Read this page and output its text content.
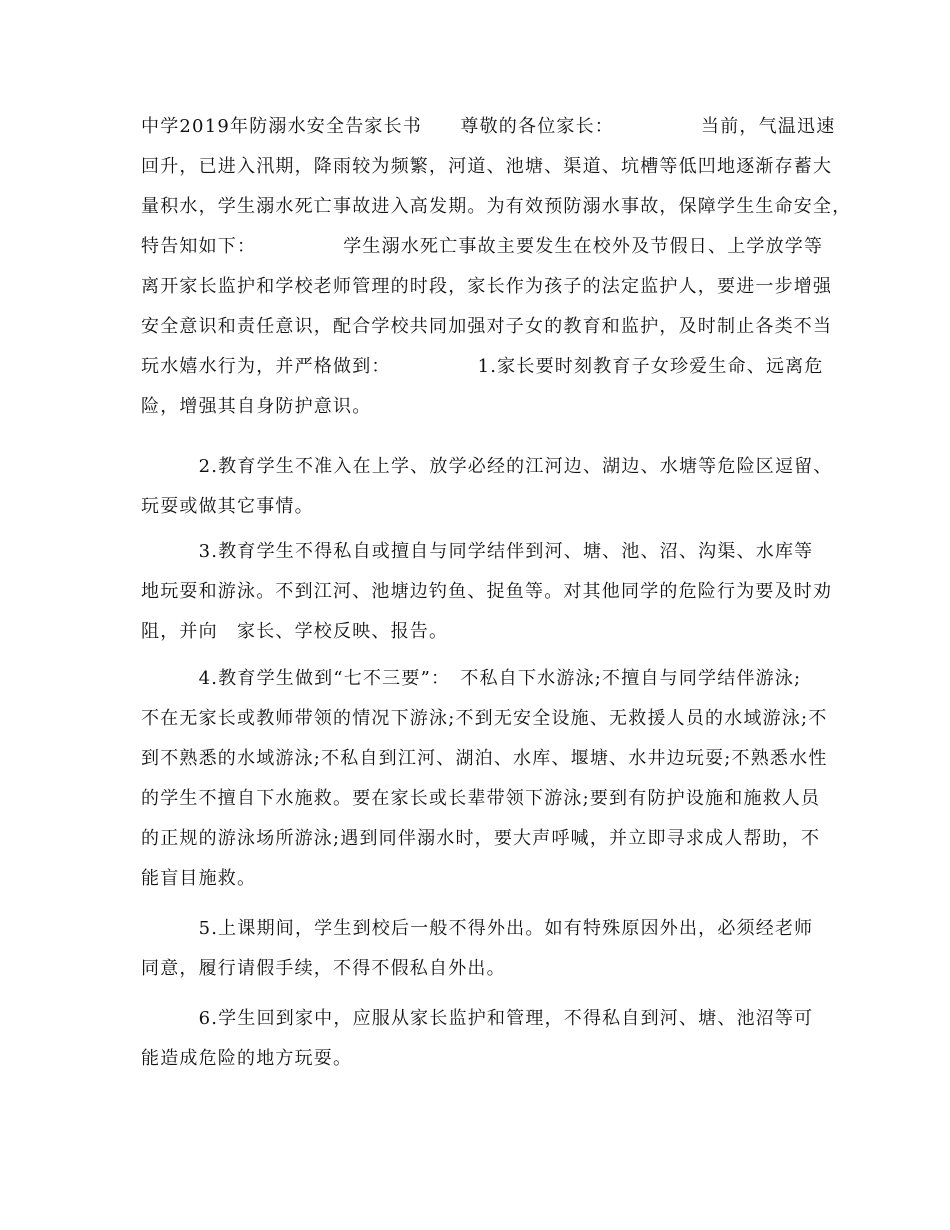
中学2019年防溺水安全告家长书　　尊敬的各位家长：　　　　　当前，气温迅速
回升，已进入汛期，降雨较为频繁，河道、池塘、渠道、坑槽等低凹地逐渐存蓄大
量积水，学生溺水死亡事故进入高发期。为有效预防溺水事故，保障学生生命安全，
特告知如下：　　　　　学生溺水死亡事故主要发生在校外及节假日、上学放学等
离开家长监护和学校老师管理的时段，家长作为孩子的法定监护人，要进一步增强
安全意识和责任意识，配合学校共同加强对子女的教育和监护，及时制止各类不当
玩水嬉水行为，并严格做到：　　　　　1.家长要时刻教育子女珍爱生命、远离危
险，增强其自身防护意识。
　　　2.教育学生不准入在上学、放学必经的江河边、湖边、水塘等危险区逗留、
玩耍或做其它事情。
　　　3.教育学生不得私自或擅自与同学结伴到河、塘、池、沼、沟渠、水库等
地玩耍和游泳。不到江河、池塘边钓鱼、捉鱼等。对其他同学的危险行为要及时劝
阻，并向　家长、学校反映、报告。
　　　4.教育学生做到“七不三要”：　不私自下水游泳;不擅自与同学结伴游泳;
不在无家长或教师带领的情况下游泳;不到无安全设施、无救援人员的水域游泳;不
到不熟悉的水域游泳;不私自到江河、湖泊、水库、堰塘、水井边玩耍;不熟悉水性
的学生不擅自下水施救。要在家长或长辈带领下游泳;要到有防护设施和施救人员
的正规的游泳场所游泳;遇到同伴溺水时，要大声呼喊，并立即寻求成人帮助，不
能盲目施救。
　　　5.上课期间，学生到校后一般不得外出。如有特殊原因外出，必须经老师
同意，履行请假手续，不得不假私自外出。
　　　6.学生回到家中，应服从家长监护和管理，不得私自到河、塘、池沼等可
能造成危险的地方玩耍。
